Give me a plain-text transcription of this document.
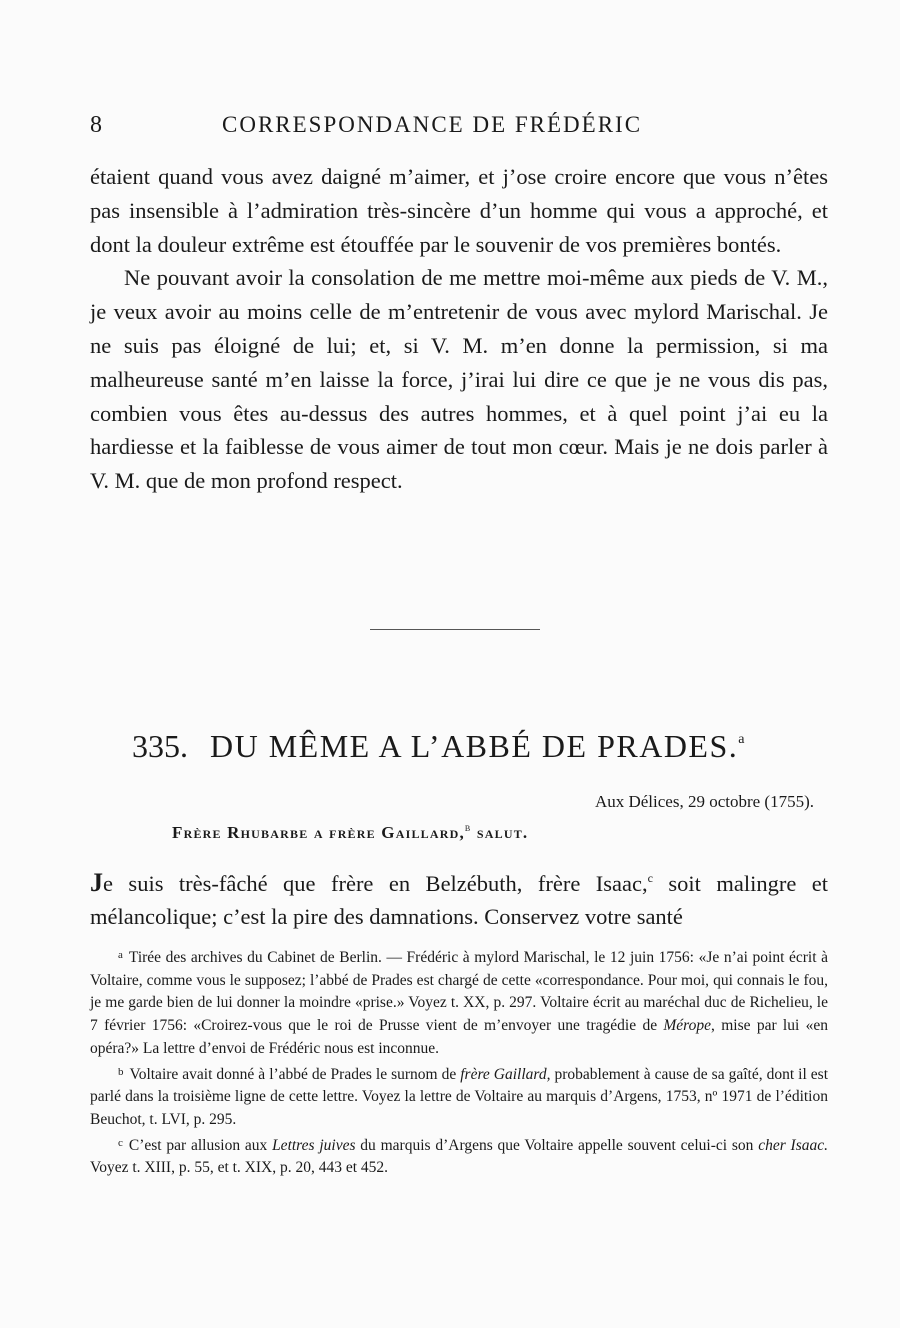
8	CORRESPONDANCE DE FRÉDÉRIC

étaient quand vous avez daigné m’aimer, et j’ose croire encore que vous n’êtes pas insensible à l’admiration très-sincère d’un homme qui vous a approché, et dont la douleur extrême est étouffée par le souvenir de vos premières bontés.

Ne pouvant avoir la consolation de me mettre moi-même aux pieds de V. M., je veux avoir au moins celle de m’entretenir de vous avec mylord Marischal. Je ne suis pas éloigné de lui; et, si V. M. m’en donne la permission, si ma malheureuse santé m’en laisse la force, j’irai lui dire ce que je ne vous dis pas, combien vous êtes au-dessus des autres hommes, et à quel point j’ai eu la hardiesse et la faiblesse de vous aimer de tout mon cœur. Mais je ne dois parler à V. M. que de mon profond respect.

335. DU MÊME A L’ABBÉ DE PRADES.$^a$
Aux Délices, 29 octobre (1755).
Frère Rhubarbe a frère Gaillard,$^b$ salut.

Je suis très-fâché que frère en Belzébuth, frère Isaac,$^c$ soit malingre et mélancolique; c’est la pire des damnations. Conservez votre santé

$^a$ Tirée des archives du Cabinet de Berlin. — Frédéric à mylord Marischal, le 12 juin 1756: «Je n’ai point écrit à Voltaire, comme vous le supposez; l’abbé de Prades est chargé de cette «correspondance. Pour moi, qui connais le fou, je me garde bien de lui donner la moindre «prise.» Voyez t. XX, p. 297. Voltaire écrit au maréchal duc de Richelieu, le 7 février 1756: «Croirez-vous que le roi de Prusse vient de m’envoyer une tragédie de Mérope, mise par lui «en opéra?» La lettre d’envoi de Frédéric nous est inconnue.

$^b$ Voltaire avait donné à l’abbé de Prades le surnom de frère Gaillard, probablement à cause de sa gaîté, dont il est parlé dans la troisième ligne de cette lettre. Voyez la lettre de Voltaire au marquis d’Argens, 1753, nº 1971 de l’édition Beuchot, t. LVI, p. 295.

$^c$ C’est par allusion aux Lettres juives du marquis d’Argens que Voltaire appelle souvent celui-ci son cher Isaac. Voyez t. XIII, p. 55, et t. XIX, p. 20, 443 et 452.
